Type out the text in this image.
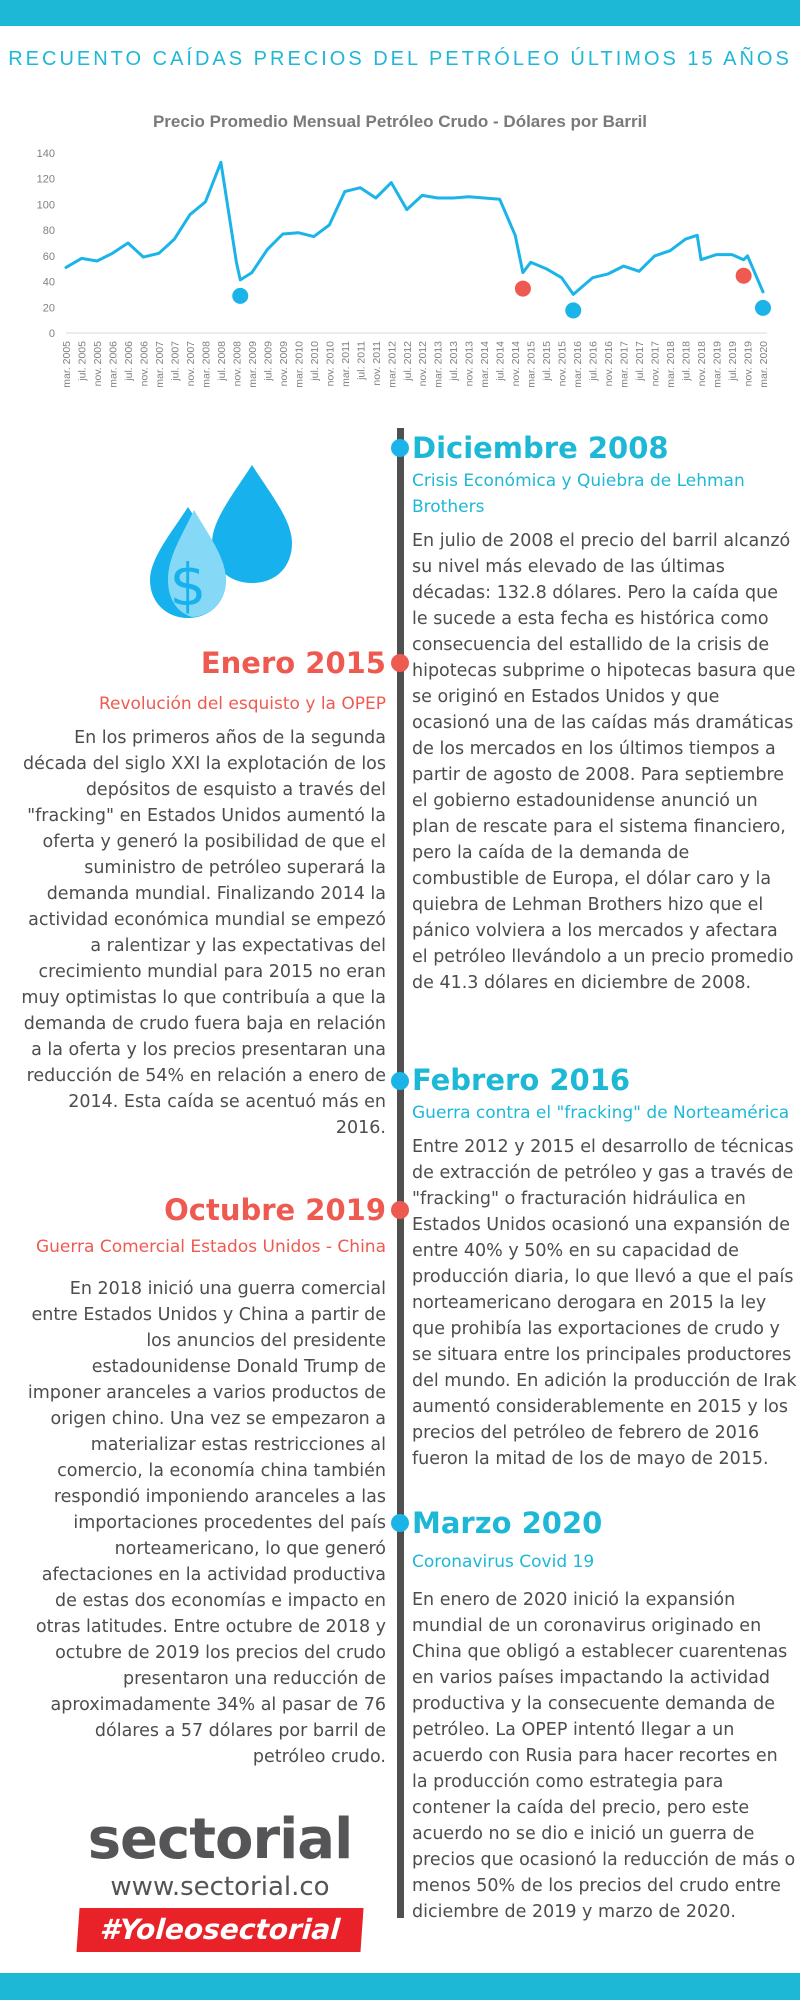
RECUENTO CAÍDAS PRECIOS DEL PETRÓLEO ÚLTIMOS 15 AÑOS
Precio Promedio Mensual Petróleo Crudo - Dólares por Barril
0
20
40
60
80
100
120
140
mar. 2005 jul. 2005 nov. 2005 mar. 2006 jul. 2006 nov. 2006 mar. 2007 jul. 2007 nov. 2007 mar. 2008 jul. 2008 nov. 2008 mar. 2009 jul. 2009 nov. 2009 mar. 2010 jul. 2010 nov. 2010 mar. 2011 jul. 2011 nov. 2011 mar. 2012 jul. 2012 nov. 2012 mar. 2013 jul. 2013 nov. 2013 mar. 2014 jul. 2014 nov. 2014 mar. 2015 jul. 2015 nov. 2015 mar. 2016 jul. 2016 nov. 2016 mar. 2017 jul. 2017 nov. 2017 mar. 2018 jul. 2018 nov. 2018 mar. 2019 jul. 2019 nov. 2019 mar. 2020
$
Diciembre 2008
Crisis Económica y Quiebra de Lehman Brothers
En julio de 2008 el precio del barril alcanzó su nivel más elevado de las últimas décadas: 132.8 dólares. Pero la caída que le sucede a esta fecha es histórica como consecuencia del estallido de la crisis de hipotecas subprime o hipotecas basura que se originó en Estados Unidos y que ocasionó una de las caídas más dramáticas de los mercados en los últimos tiempos a partir de agosto de 2008. Para septiembre el gobierno estadounidense anunció un plan de rescate para el sistema financiero, pero la caída de la demanda de combustible de Europa, el dólar caro y la quiebra de Lehman Brothers hizo que el pánico volviera a los mercados y afectara el petróleo llevándolo a un precio promedio de 41.3 dólares en diciembre de 2008.
Enero 2015
Revolución del esquisto y la OPEP
En los primeros años de la segunda década del siglo XXI la explotación de los depósitos de esquisto a través del "fracking" en Estados Unidos aumentó la oferta y generó la posibilidad de que el suministro de petróleo superará la demanda mundial. Finalizando 2014 la actividad económica mundial se empezó a ralentizar y las expectativas del crecimiento mundial para 2015 no eran muy optimistas lo que contribuía a que la demanda de crudo fuera baja en relación a la oferta y los precios presentaran una reducción de 54% en relación a enero de 2014. Esta caída se acentuó más en 2016.
Febrero 2016
Guerra contra el "fracking" de Norteamérica
Entre 2012 y 2015 el desarrollo de técnicas de extracción de petróleo y gas a través de "fracking" o fracturación hidráulica en Estados Unidos ocasionó una expansión de entre 40% y 50% en su capacidad de producción diaria, lo que llevó a que el país norteamericano derogara en 2015 la ley que prohibía las exportaciones de crudo y se situara entre los principales productores del mundo. En adición la producción de Irak aumentó considerablemente en 2015 y los precios del petróleo de febrero de 2016 fueron la mitad de los de mayo de 2015.
Octubre 2019
Guerra Comercial Estados Unidos - China
En 2018 inició una guerra comercial entre Estados Unidos y China a partir de los anuncios del presidente estadounidense Donald Trump de imponer aranceles a varios productos de origen chino. Una vez se empezaron a materializar estas restricciones al comercio, la economía china también respondió imponiendo aranceles a las importaciones procedentes del país norteamericano, lo que generó afectaciones en la actividad productiva de estas dos economías e impacto en otras latitudes. Entre octubre de 2018 y octubre de 2019 los precios del crudo presentaron una reducción de aproximadamente 34% al pasar de 76 dólares a 57 dólares por barril de petróleo crudo.
Marzo 2020
Coronavirus Covid 19
En enero de 2020 inició la expansión mundial de un coronavirus originado en China que obligó a establecer cuarentenas en varios países impactando la actividad productiva y la consecuente demanda de petróleo. La OPEP intentó llegar a un acuerdo con Rusia para hacer recortes en la producción como estrategia para contener la caída del precio, pero este acuerdo no se dio e inició un guerra de precios que ocasionó la reducción de más o menos 50% de los precios del crudo entre diciembre de 2019 y marzo de 2020.
sectorial
www.sectorial.co
#Yoleosectorial
